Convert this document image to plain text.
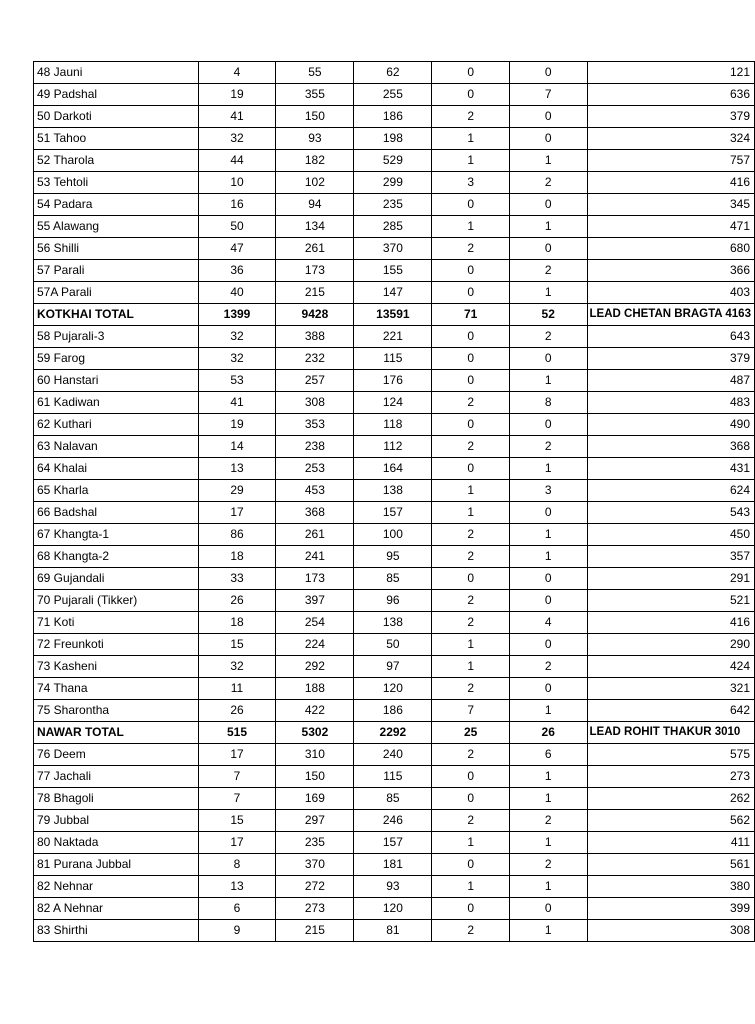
48 Jauni	4	55	62	0	0	121
49 Padshal	19	355	255	0	7	636
50 Darkoti	41	150	186	2	0	379
51 Tahoo	32	93	198	1	0	324
52 Tharola	44	182	529	1	1	757
53 Tehtoli	10	102	299	3	2	416
54 Padara	16	94	235	0	0	345
55 Alawang	50	134	285	1	1	471
56 Shilli	47	261	370	2	0	680
57 Parali	36	173	155	0	2	366
57A Parali	40	215	147	0	1	403
KOTKHAI TOTAL	1399	9428	13591	71	52	LEAD CHETAN BRAGTA 4163
58 Pujarali-3	32	388	221	0	2	643
59 Farog	32	232	115	0	0	379
60 Hanstari	53	257	176	0	1	487
61 Kadiwan	41	308	124	2	8	483
62 Kuthari	19	353	118	0	0	490
63 Nalavan	14	238	112	2	2	368
64 Khalai	13	253	164	0	1	431
65 Kharla	29	453	138	1	3	624
66 Badshal	17	368	157	1	0	543
67 Khangta-1	86	261	100	2	1	450
68 Khangta-2	18	241	95	2	1	357
69 Gujandali	33	173	85	0	0	291
70 Pujarali (Tikker)	26	397	96	2	0	521
71 Koti	18	254	138	2	4	416
72 Freunkoti	15	224	50	1	0	290
73 Kasheni	32	292	97	1	2	424
74 Thana	11	188	120	2	0	321
75 Sharontha	26	422	186	7	1	642
NAWAR TOTAL	515	5302	2292	25	26	LEAD ROHIT THAKUR 3010
76 Deem	17	310	240	2	6	575
77 Jachali	7	150	115	0	1	273
78 Bhagoli	7	169	85	0	1	262
79 Jubbal	15	297	246	2	2	562
80 Naktada	17	235	157	1	1	411
81 Purana Jubbal	8	370	181	0	2	561
82 Nehnar	13	272	93	1	1	380
82 A Nehnar	6	273	120	0	0	399
83 Shirthi	9	215	81	2	1	308
